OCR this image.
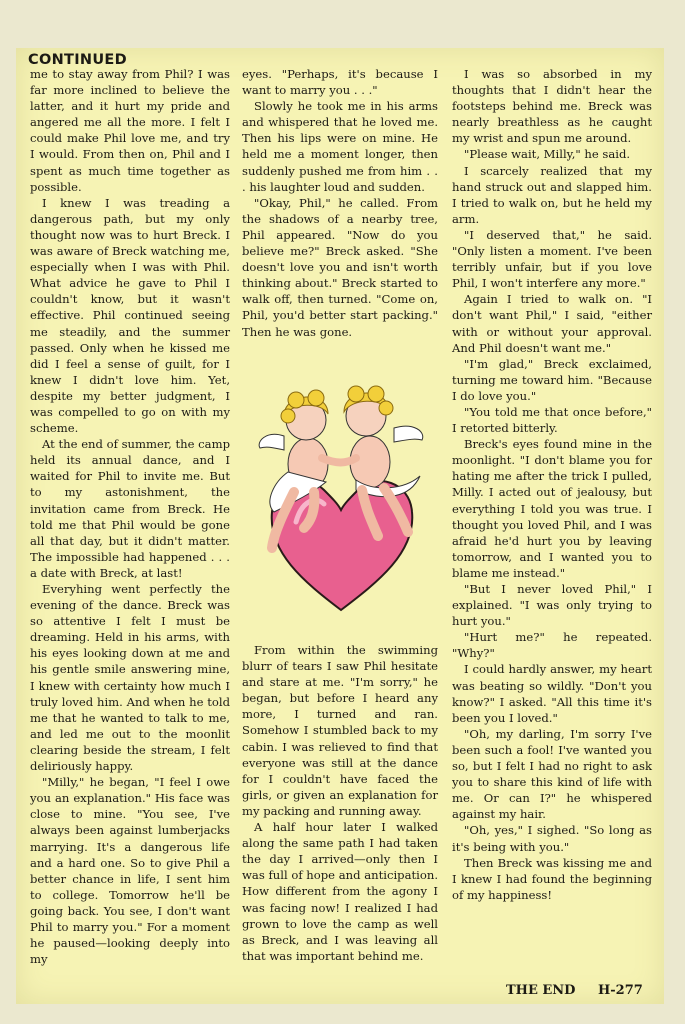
CONTINUED

me to stay away from Phil? I was far more inclined to believe the latter, and it hurt my pride and angered me all the more. I felt I could make Phil love me, and try I would. From then on, Phil and I spent as much time together as possible.

I knew I was treading a dangerous path, but my only thought now was to hurt Breck. I was aware of Breck watching me, especially when I was with Phil. What advice he gave to Phil I couldn't know, but it wasn't effective. Phil continued seeing me steadily, and the summer passed. Only when he kissed me did I feel a sense of guilt, for I knew I didn't love him. Yet, despite my better judgment, I was compelled to go on with my scheme.

At the end of summer, the camp held its annual dance, and I waited for Phil to invite me. But to my astonishment, the invitation came from Breck. He told me that Phil would be gone all that day, but it didn't matter. The impossible had happened . . . a date with Breck, at last!

Everyhing went perfectly the evening of the dance. Breck was so attentive I felt I must be dreaming. Held in his arms, with his eyes looking down at me and his gentle smile answering mine, I knew with certainty how much I truly loved him. And when he told me that he wanted to talk to me, and led me out to the moonlit clearing beside the stream, I felt deliriously happy.

"Milly," he began, "I feel I owe you an explanation." His face was close to mine. "You see, I've always been against lumberjacks marrying. It's a dangerous life and a hard one. So to give Phil a better chance in life, I sent him to college. Tomorrow he'll be going back. You see, I don't want Phil to marry you." For a moment he paused—looking deeply into my

eyes. "Perhaps, it's because I want to marry you . . ."

Slowly he took me in his arms and whispered that he loved me. Then his lips were on mine. He held me a moment longer, then suddenly pushed me from him . . . his laughter loud and sudden.

"Okay, Phil," he called. From the shadows of a nearby tree, Phil appeared. "Now do you believe me?" Breck asked. "She doesn't love you and isn't worth thinking about." Breck started to walk off, then turned. "Come on, Phil, you'd better start packing." Then he was gone.

From within the swimming blurr of tears I saw Phil hesitate and stare at me. "I'm sorry," he began, but before I heard any more, I turned and ran. Somehow I stumbled back to my cabin. I was relieved to find that everyone was still at the dance for I couldn't have faced the girls, or given an explanation for my packing and running away.

A half hour later I walked along the same path I had taken the day I arrived—only then I was full of hope and anticipation. How different from the agony I was facing now! I realized I had grown to love the camp as well as Breck, and I was leaving all that was important behind me.

I was so absorbed in my thoughts that I didn't hear the footsteps behind me. Breck was nearly breathless as he caught my wrist and spun me around.

"Please wait, Milly," he said.

I scarcely realized that my hand struck out and slapped him. I tried to walk on, but he held my arm.

"I deserved that," he said. "Only listen a moment. I've been terribly unfair, but if you love Phil, I won't interfere any more."

Again I tried to walk on. "I don't want Phil," I said, "either with or without your approval. And Phil doesn't want me."

"I'm glad," Breck exclaimed, turning me toward him. "Because I do love you."

"You told me that once before," I retorted bitterly.

Breck's eyes found mine in the moonlight. "I don't blame you for hating me after the trick I pulled, Milly. I acted out of jealousy, but everything I told you was true. I thought you loved Phil, and I was afraid he'd hurt you by leaving tomorrow, and I wanted you to blame me instead."

"But I never loved Phil," I explained. "I was only trying to hurt you."

"Hurt me?" he repeated. "Why?"

I could hardly answer, my heart was beating so wildly. "Don't you know?" I asked. "All this time it's been you I loved."

"Oh, my darling, I'm sorry I've been such a fool! I've wanted you so, but I felt I had no right to ask you to share this kind of life with me. Or can I?" he whispered against my hair.

"Oh, yes," I sighed. "So long as it's being with you."

Then Breck was kissing me and I knew I had found the beginning of my happiness!

THE END H-277
